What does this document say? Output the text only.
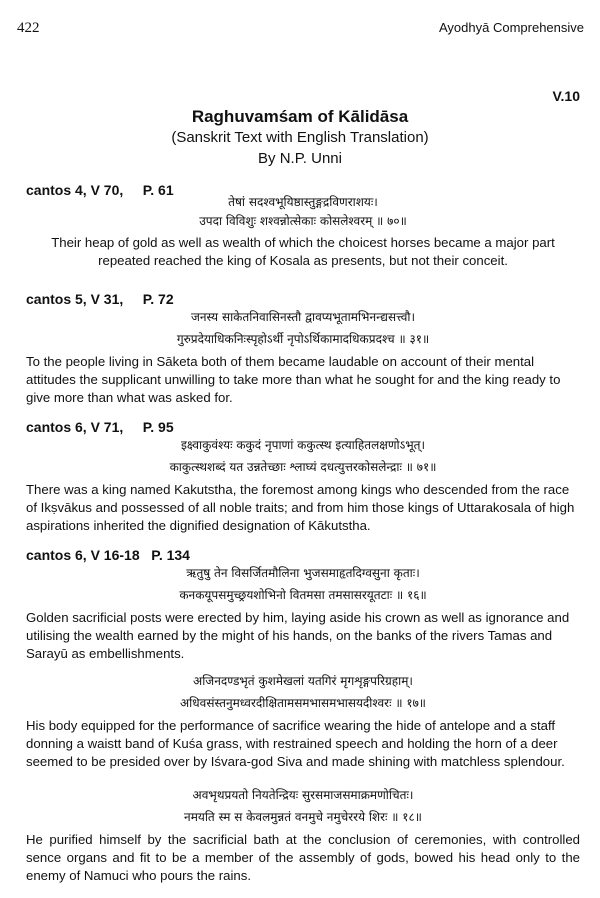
422	Ayodhyā Comprehensive
V.10
Raghuvamśam of Kālidāsa
(Sanskrit Text with English Translation)
By N.P. Unni
cantos 4, V 70,     P. 61
तेषां सदश्वभूयिष्ठास्तुङ्गद्रविणराशयः।
उपदा विविशुः शश्वन्नोत्सेकाः कोसलेश्वरम् ॥ ७०॥
Their heap of gold as well as wealth of which the choicest horses became a major part repeated reached the king of Kosala as presents, but not their conceit.
cantos 5, V 31,     P. 72
जनस्य साकेतनिवासिनस्तौ द्वावप्यभूतामभिनन्द्यसत्त्वौ।
गुरुप्रदेयाधिकनिःस्पृहोऽर्थी नृपोऽर्थिकामादधिकप्रदश्च ॥ ३१॥
To the people living in Sāketa both of them became laudable on account of their mental attitudes the supplicant unwilling to take more than what he sought for and the king ready to give more than what was asked for.
cantos 6, V 71,     P. 95
इक्ष्वाकुवंश्यः ककुदं नृपाणां ककुत्स्थ इत्याहितलक्षणोऽभूत्।
काकुत्स्थशब्दं यत उन्नतेच्छाः श्लाघ्यं दधत्युत्तरकोसलेन्द्राः ॥ ७१॥
There was a king named Kakutstha, the foremost among kings who descended from the race of Ikṣvākus and possessed of all noble traits; and from him those kings of Uttarakosala of high aspirations inherited the dignified designation of Kākutstha.
cantos 6, V 16-18   P. 134
ऋतुषु तेन विसर्जितमौलिना भुजसमाहृतदिग्वसुना कृताः।
कनकयूपसमुच्छ्रयशोभिनो वितमसा तमसासरयूतटाः ॥ १६॥
Golden sacrificial posts were erected by him, laying aside his crown as well as ignorance and utilising the wealth earned by the might of his hands, on the banks of the rivers Tamas and Sarayū as embellishments.
अजिनदण्डभृतं कुशमेखलां यतगिरं मृगशृङ्गपरिग्रहाम्।
अधिवसंस्तनुमध्वरदीक्षितामसमभासमभासयदीश्वरः ॥ १७॥
His body equipped for the performance of sacrifice wearing the hide of antelope and a staff donning a waistt band of Kuśa grass, with restrained speech and holding the horn of a deer seemed to be presided over by Iśvara-god Siva and made shining with matchless splendour.
अवभृथप्रयतो नियतेन्द्रियः सुरसमाजसमाक्रमणोचितः।
नमयति स्म स केवलमुन्नतं वनमुचे नमुचेररये शिरः ॥ १८॥
He purified himself by the sacrificial bath at the conclusion of ceremonies, with controlled sence organs and fit to be a member of the assembly of gods, bowed his head only to the enemy of Namuci who pours the rains.
